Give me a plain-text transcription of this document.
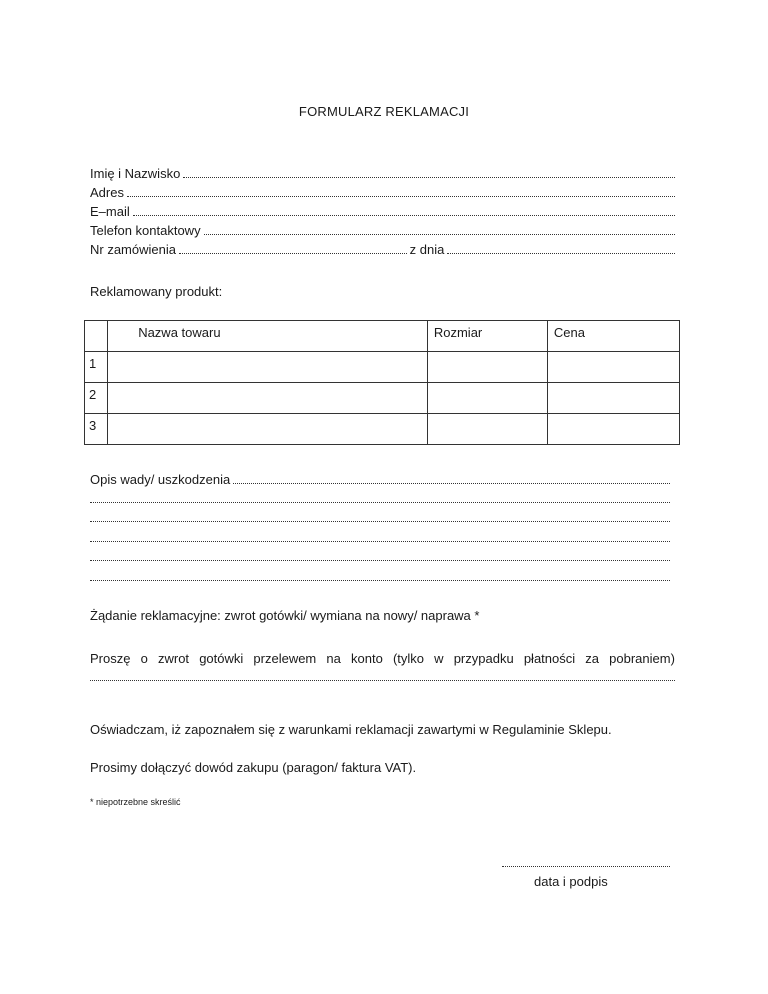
FORMULARZ REKLAMACJI
Imię i Nazwisko
Adres
E–mail
Telefon kontaktowy
Nr zamówienia	z dnia
Reklamowany produkt:
	Nazwa towaru	Rozmiar	Cena
1			
2			
3			
Opis wady/ uszkodzenia
Żądanie reklamacyjne: zwrot gotówki/ wymiana na nowy/ naprawa *
Proszę o zwrot gotówki przelewem na konto (tylko w przypadku płatności za pobraniem)
Oświadczam, iż zapoznałem się z warunkami reklamacji zawartymi w Regulaminie Sklepu.
Prosimy dołączyć dowód zakupu (paragon/ faktura VAT).
* niepotrzebne skreślić
data i podpis
